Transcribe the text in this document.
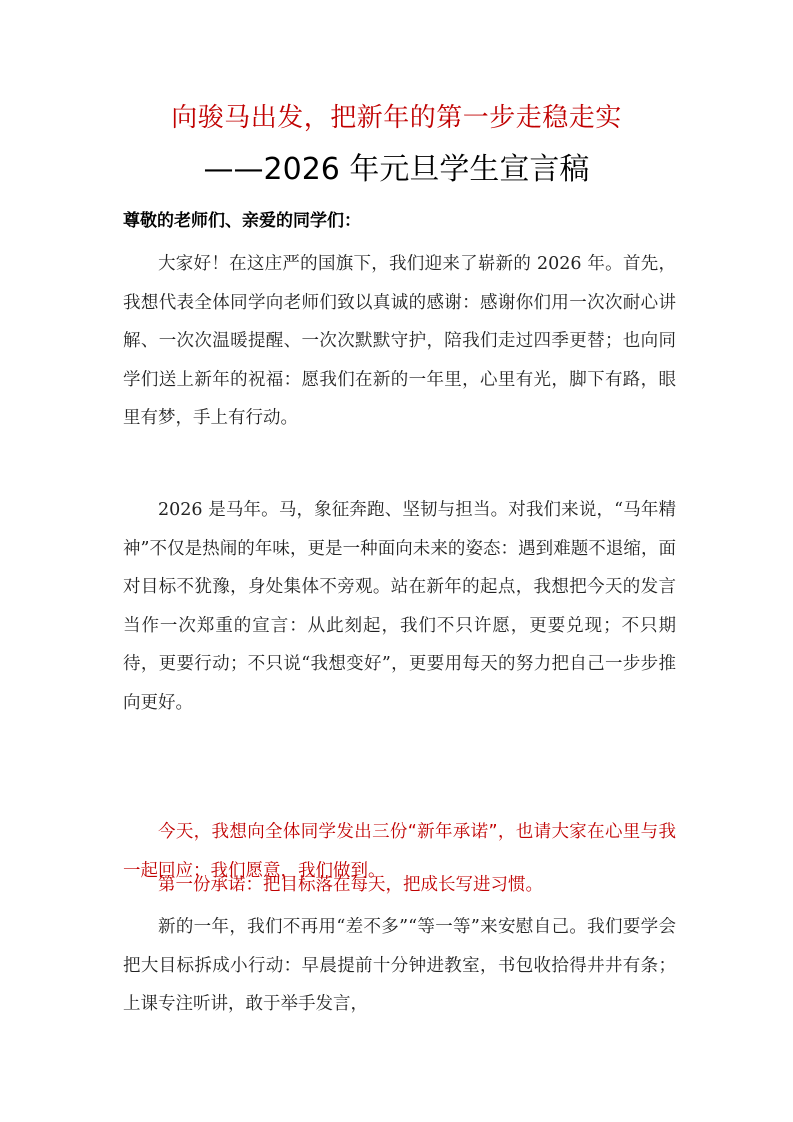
向骏马出发，把新年的第一步走稳走实
——2026 年元旦学生宣言稿
尊敬的老师们、亲爱的同学们：

大家好！在这庄严的国旗下，我们迎来了崭新的 2026 年。首先，我想代表全体同学向老师们致以真诚的感谢：感谢你们用一次次耐心讲解、一次次温暖提醒、一次次默默守护，陪我们走过四季更替；也向同学们送上新年的祝福：愿我们在新的一年里，心里有光，脚下有路，眼里有梦，手上有行动。

2026 是马年。马，象征奔跑、坚韧与担当。对我们来说，“马年精神”不仅是热闹的年味，更是一种面向未来的姿态：遇到难题不退缩，面对目标不犹豫，身处集体不旁观。站在新年的起点，我想把今天的发言当作一次郑重的宣言：从此刻起，我们不只许愿，更要兑现；不只期待，更要行动；不只说“我想变好”，更要用每天的努力把自己一步步推向更好。

今天，我想向全体同学发出三份“新年承诺”，也请大家在心里与我一起回应：我们愿意，我们做到。

第一份承诺：把目标落在每天，把成长写进习惯。

新的一年，我们不再用“差不多”“等一等”来安慰自己。我们要学会把大目标拆成小行动：早晨提前十分钟进教室，书包收拾得井井有条；上课专注听讲，敢于举手发言，
